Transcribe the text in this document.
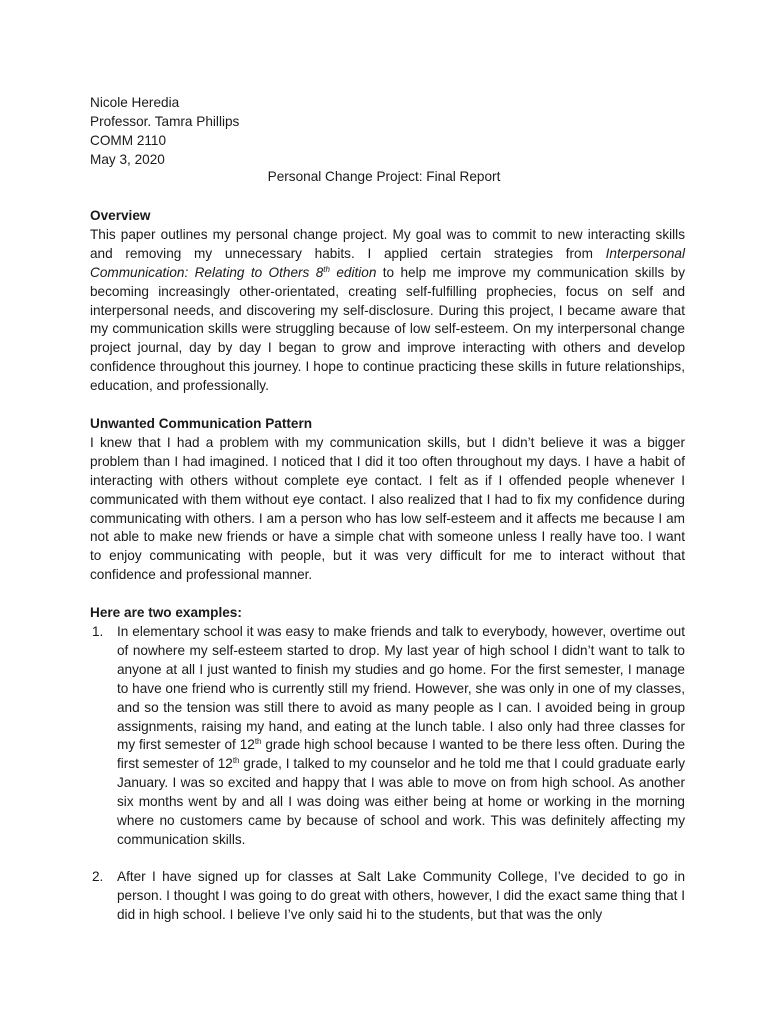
Nicole Heredia
Professor. Tamra Phillips
COMM 2110
May 3, 2020
Personal Change Project: Final Report
Overview
This paper outlines my personal change project. My goal was to commit to new interacting skills and removing my unnecessary habits. I applied certain strategies from Interpersonal Communication: Relating to Others 8th edition to help me improve my communication skills by becoming increasingly other-orientated, creating self-fulfilling prophecies, focus on self and interpersonal needs, and discovering my self-disclosure. During this project, I became aware that my communication skills were struggling because of low self-esteem. On my interpersonal change project journal, day by day I began to grow and improve interacting with others and develop confidence throughout this journey. I hope to continue practicing these skills in future relationships, education, and professionally.
Unwanted Communication Pattern
I knew that I had a problem with my communication skills, but I didn’t believe it was a bigger problem than I had imagined. I noticed that I did it too often throughout my days. I have a habit of interacting with others without complete eye contact. I felt as if I offended people whenever I communicated with them without eye contact. I also realized that I had to fix my confidence during communicating with others. I am a person who has low self-esteem and it affects me because I am not able to make new friends or have a simple chat with someone unless I really have too. I want to enjoy communicating with people, but it was very difficult for me to interact without that confidence and professional manner.
Here are two examples:
1. In elementary school it was easy to make friends and talk to everybody, however, overtime out of nowhere my self-esteem started to drop. My last year of high school I didn’t want to talk to anyone at all I just wanted to finish my studies and go home. For the first semester, I manage to have one friend who is currently still my friend. However, she was only in one of my classes, and so the tension was still there to avoid as many people as I can. I avoided being in group assignments, raising my hand, and eating at the lunch table. I also only had three classes for my first semester of 12th grade high school because I wanted to be there less often. During the first semester of 12th grade, I talked to my counselor and he told me that I could graduate early January. I was so excited and happy that I was able to move on from high school. As another six months went by and all I was doing was either being at home or working in the morning where no customers came by because of school and work. This was definitely affecting my communication skills.
2. After I have signed up for classes at Salt Lake Community College, I’ve decided to go in person. I thought I was going to do great with others, however, I did the exact same thing that I did in high school. I believe I’ve only said hi to the students, but that was the only
